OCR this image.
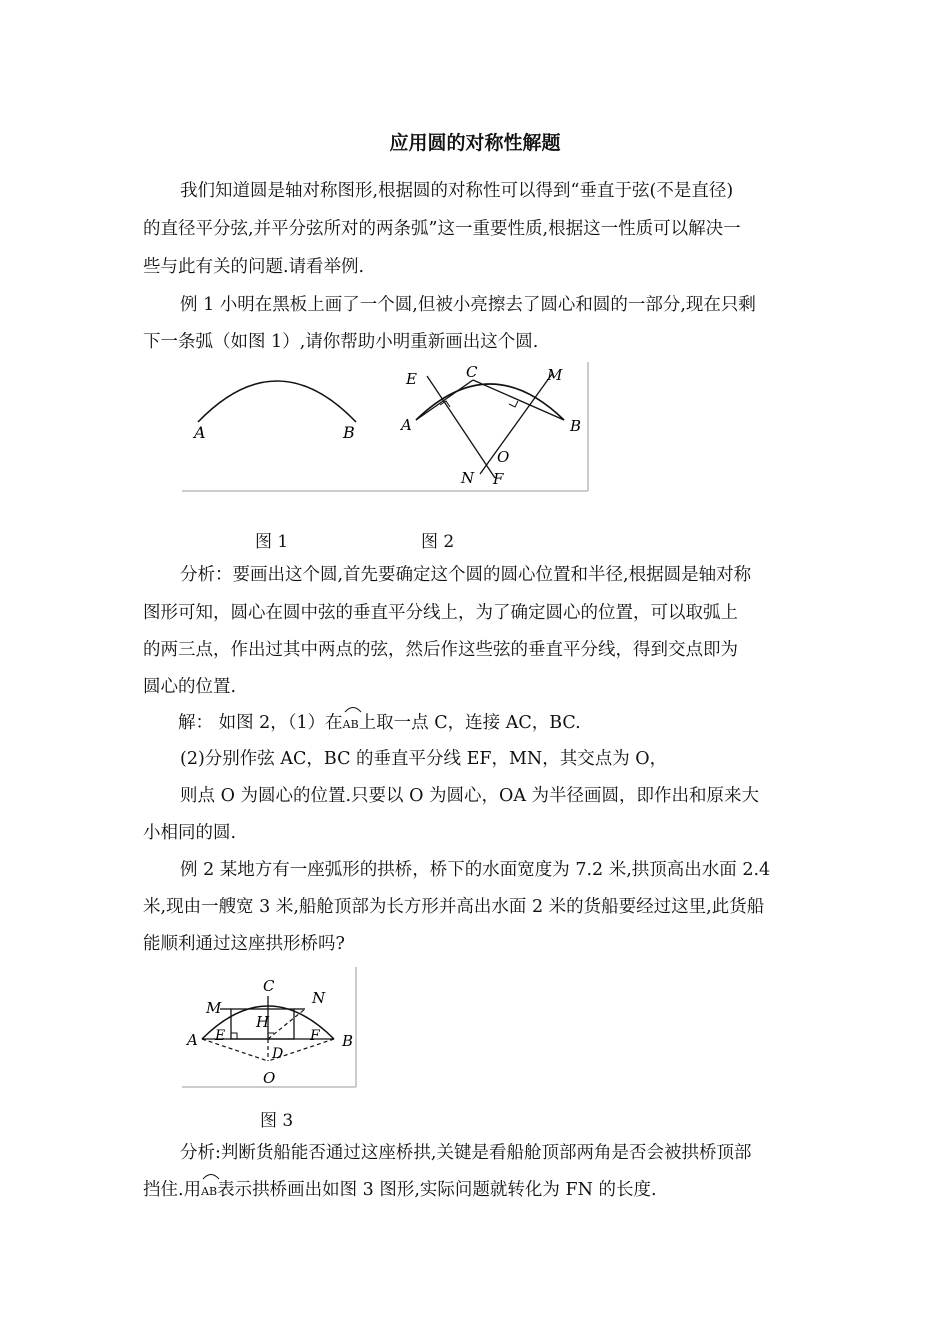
应用圆的对称性解题
我们知道圆是轴对称图形,根据圆的对称性可以得到“垂直于弦(不是直径)
的直径平分弦,并平分弦所对的两条弧”这一重要性质,根据这一性质可以解决一
些与此有关的问题.请看举例.
例 1 小明在黑板上画了一个圆,但被小亮擦去了圆心和圆的一部分,现在只剩
下一条弧（如图 1）,请你帮助小明重新画出这个圆.
A	B
E	C	M
A	B
O
N F
图 1	图 2
分析：要画出这个圆,首先要确定这个圆的圆心位置和半径,根据圆是轴对称
图形可知，圆心在圆中弦的垂直平分线上，为了确定圆心的位置，可以取弧上
的两三点，作出过其中两点的弦，然后作这些弦的垂直平分线，得到交点即为
圆心的位置.
解： 如图 2，（1）在
AB上取一点 C，连接 AC，BC.
(2)分别作弦 AC，BC 的垂直平分线 EF，MN，其交点为 O，
则点 O 为圆心的位置.只要以 O 为圆心，OA 为半径画圆，即作出和原来大
小相同的圆.
例 2 某地方有一座弧形的拱桥，桥下的水面宽度为 7.2 米,拱顶高出水面 2.4
米,现由一艘宽 3 米,船舱顶部为长方形并高出水面 2 米的货船要经过这里,此货船
能顺利通过这座拱形桥吗?
C
M
N
H
A E	F B
D
O
图 3
分析:判断货船能否通过这座桥拱,关键是看船舱顶部两角是否会被拱桥顶部
挡住.用
AB表示拱桥画出如图 3 图形,实际问题就转化为 FN 的长度.
